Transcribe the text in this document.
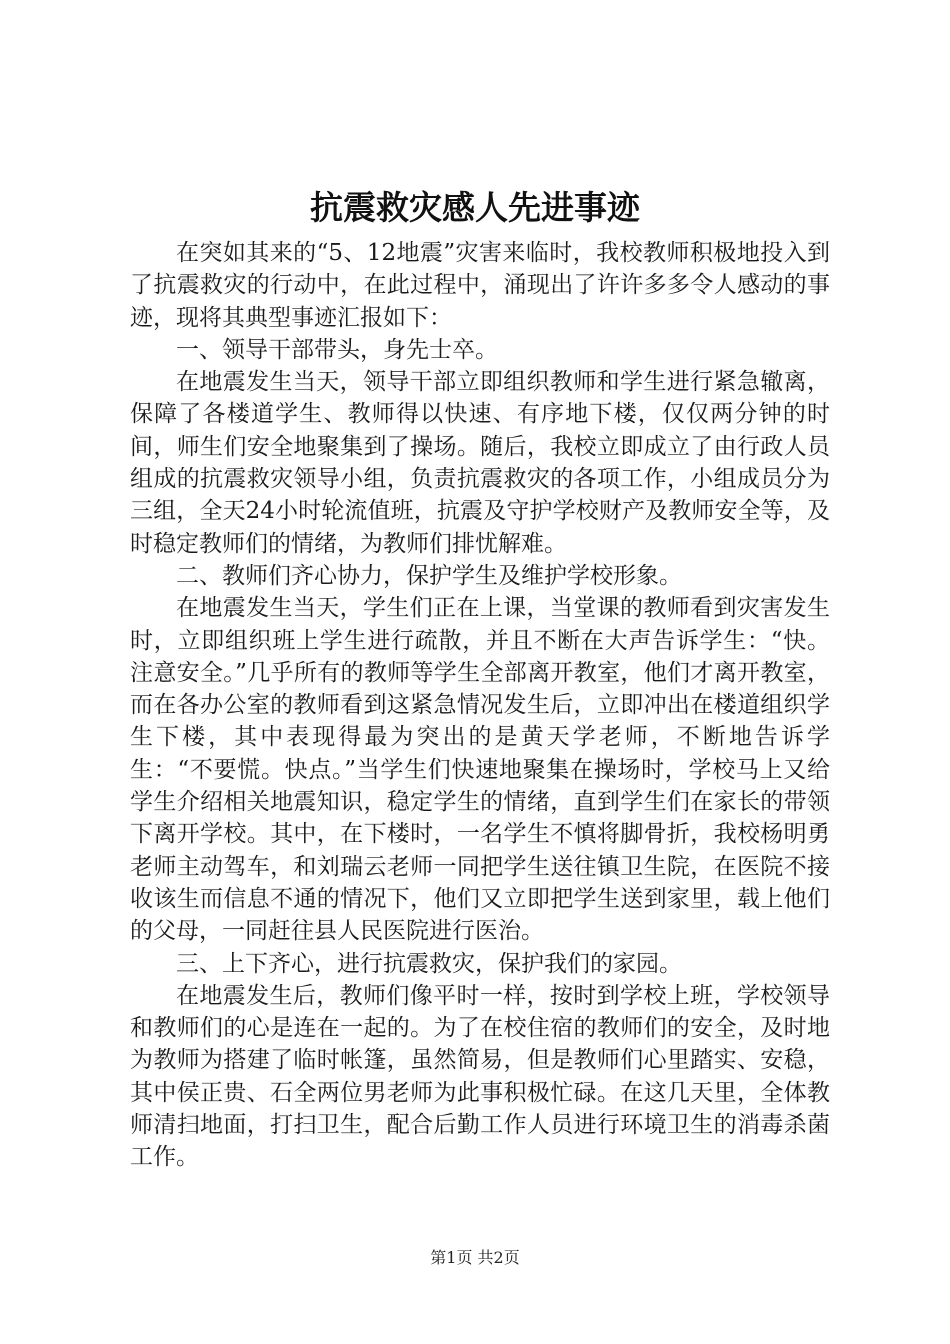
抗震救灾感人先进事迹

在突如其来的“5、12地震”灾害来临时，我校教师积极地投入到了抗震救灾的行动中，在此过程中，涌现出了许许多多令人感动的事迹，现将其典型事迹汇报如下：

一、领导干部带头，身先士卒。

在地震发生当天，领导干部立即组织教师和学生进行紧急辙离，保障了各楼道学生、教师得以快速、有序地下楼，仅仅两分钟的时间，师生们安全地聚集到了操场。随后，我校立即成立了由行政人员组成的抗震救灾领导小组，负责抗震救灾的各项工作，小组成员分为三组，全天24小时轮流值班，抗震及守护学校财产及教师安全等，及时稳定教师们的情绪，为教师们排忧解难。

二、教师们齐心协力，保护学生及维护学校形象。

在地震发生当天，学生们正在上课，当堂课的教师看到灾害发生时，立即组织班上学生进行疏散，并且不断在大声告诉学生：“快。注意安全。”几乎所有的教师等学生全部离开教室，他们才离开教室，而在各办公室的教师看到这紧急情况发生后，立即冲出在楼道组织学生下楼，其中表现得最为突出的是黄天学老师，不断地告诉学生：“不要慌。快点。”当学生们快速地聚集在操场时，学校马上又给学生介绍相关地震知识，稳定学生的情绪，直到学生们在家长的带领下离开学校。其中，在下楼时，一名学生不慎将脚骨折，我校杨明勇老师主动驾车，和刘瑞云老师一同把学生送往镇卫生院，在医院不接收该生而信息不通的情况下，他们又立即把学生送到家里，载上他们的父母，一同赶往县人民医院进行医治。

三、上下齐心，进行抗震救灾，保护我们的家园。

在地震发生后，教师们像平时一样，按时到学校上班，学校领导和教师们的心是连在一起的。为了在校住宿的教师们的安全，及时地为教师为搭建了临时帐篷，虽然简易，但是教师们心里踏实、安稳，其中侯正贵、石全两位男老师为此事积极忙碌。在这几天里，全体教师清扫地面，打扫卫生，配合后勤工作人员进行环境卫生的消毒杀菌工作。

第1页 共2页
